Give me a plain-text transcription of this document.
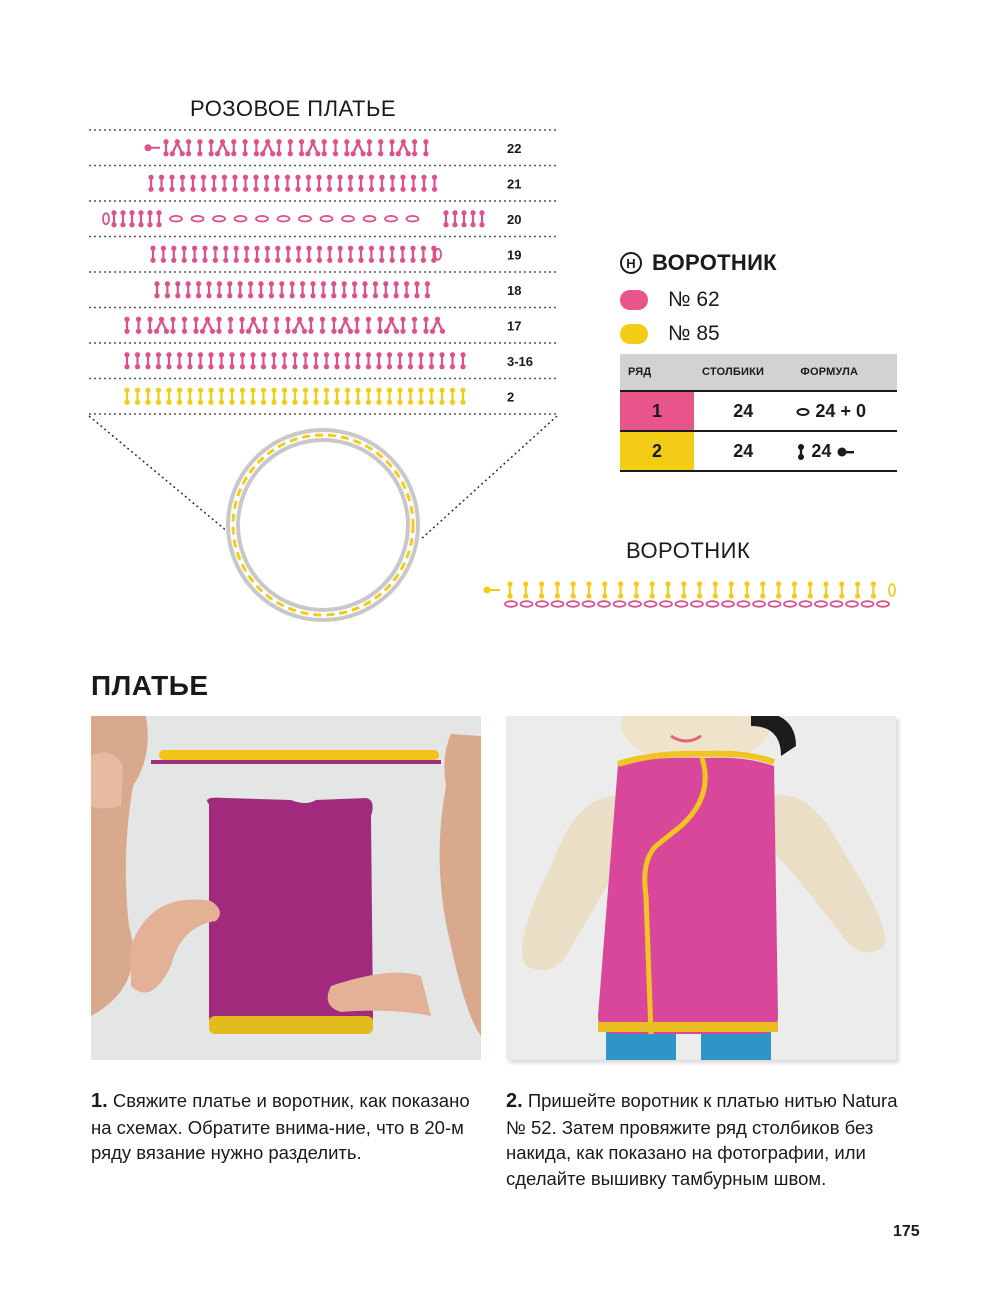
РОЗОВОЕ ПЛАТЬЕ
22
21
20
19
18
17
3-16
2
Н ВОРОТНИК
№ 62
№ 85
РЯД	СТОЛБИКИ	ФОРМУЛА
1	24	24 + 0
2	24	24
ВОРОТНИК
ПЛАТЬЕ
1. Свяжите платье и воротник, как показано на схемах. Обратите внима-ние, что в 20-м ряду вязание нужно разделить.
2. Пришейте воротник к платью нитью Natura № 52. Затем провяжите ряд столбиков без накида, как показано на фотографии, или сделайте вышивку тамбурным швом.
175
